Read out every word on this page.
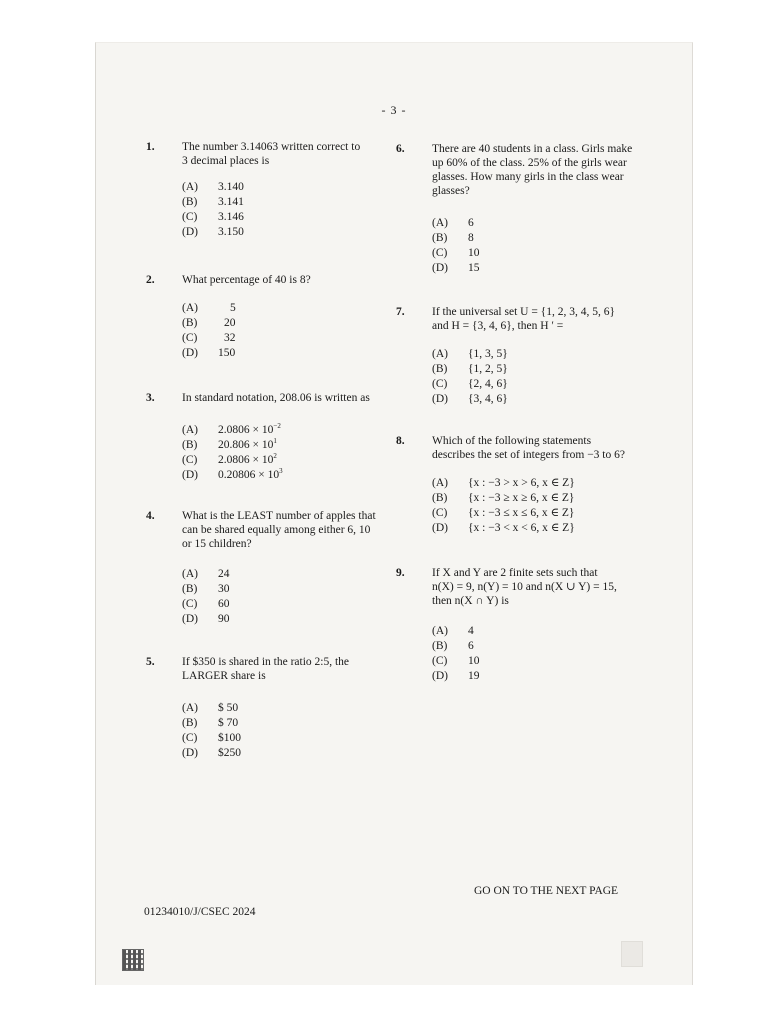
- 3 -
1. The number 3.14063 written correct to
3 decimal places is
(A) 3.140
(B) 3.141
(C) 3.146
(D) 3.150
2. What percentage of 40 is 8?
(A)	5
(B) 20
(C) 32
(D) 150
3. In standard notation, 208.06 is written as
(A) $2.0806 \times 10^{-2}$
(B) $20.806 \times 10^1$
(C) $2.0806 \times 10^2$
(D) $0.20806 \times 10^3$
4. What is the LEAST number of apples that
can be shared equally among either 6, 10
or 15 children?
(A) 24
(B) 30
(C) 60
(D) 90
5. If $350 is shared in the ratio 2:5, the
LARGER share is
(A) $ 50
(B) $ 70
(C) $100
(D) $250
6. There are 40 students in a class. Girls make
up 60% of the class. 25% of the girls wear
glasses. How many girls in the class wear
glasses?
(A) 6
(B) 8
(C) 10
(D) 15
7. If the universal set U = {1, 2, 3, 4, 5, 6}
and H = {3, 4, 6}, then H ′ =
(A) {1, 3, 5}
(B) {1, 2, 5}
(C) {2, 4, 6}
(D) {3, 4, 6}
8. Which of the following statements
describes the set of integers from −3 to 6?
(A) {x : −3 > x > 6, x ∈ Z}
(B) {x : −3 ≥ x ≥ 6, x ∈ Z}
(C) {x : −3 ≤ x ≤ 6, x ∈ Z}
(D) {x : −3 < x < 6, x ∈ Z}
9. If X and Y are 2 finite sets such that
n(X) = 9, n(Y) = 10 and n(X ∪ Y) = 15,
then n(X ∩ Y) is
(A) 4
(B) 6
(C) 10
(D) 19
GO ON TO THE NEXT PAGE
01234010/J/CSEC 2024
